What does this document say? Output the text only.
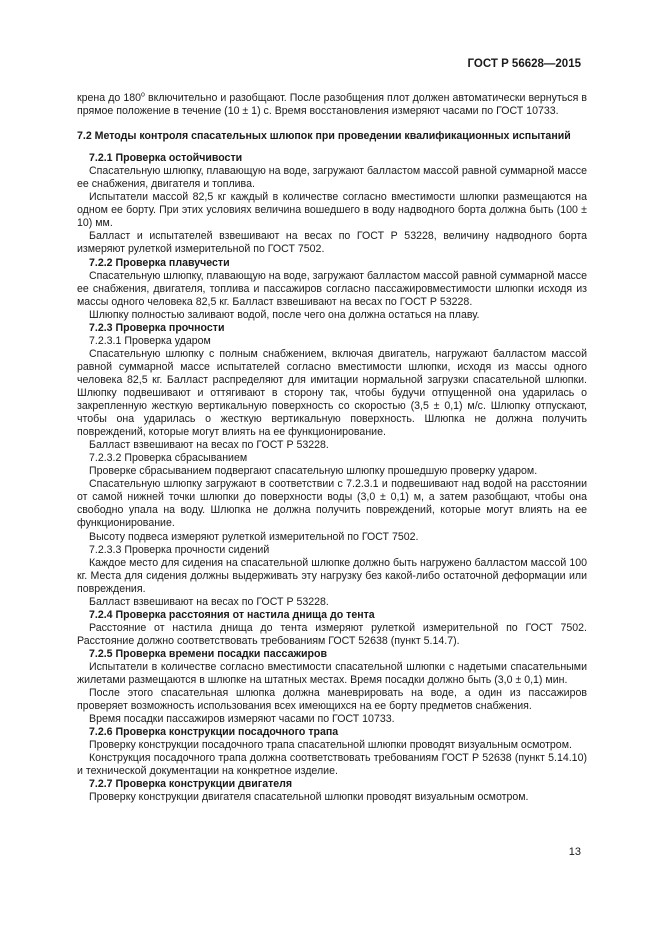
ГОСТ Р 56628—2015

крена до $180^о$ включительно и разобщают. После разобщения плот должен автоматически вернуться в прямое положение в течение (10 ± 1) с. Время восстановления измеряют часами по ГОСТ 10733.

7.2 Методы контроля спасательных шлюпок при проведении квалификационных испытаний

7.2.1 Проверка остойчивости

Спасательную шлюпку, плавающую на воде, загружают балластом массой равной суммарной массе ее снабжения, двигателя и топлива.

Испытатели массой 82,5 кг каждый в количестве согласно вместимости шлюпки размещаются на одном ее борту. При этих условиях величина вошедшего в воду надводного борта должна быть (100 ± 10) мм.

Балласт и испытателей взвешивают на весах по ГОСТ Р 53228, величину надводного борта измеряют рулеткой измерительной по ГОСТ 7502.

7.2.2 Проверка плавучести

Спасательную шлюпку, плавающую на воде, загружают балластом массой равной суммарной массе ее снабжения, двигателя, топлива и пассажиров согласно пассажировместимости шлюпки исходя из массы одного человека 82,5 кг. Балласт взвешивают на весах по ГОСТ Р 53228.

Шлюпку полностью заливают водой, после чего она должна остаться на плаву.

7.2.3 Проверка прочности

7.2.3.1 Проверка ударом

Спасательную шлюпку с полным снабжением, включая двигатель, нагружают балластом массой равной суммарной массе испытателей согласно вместимости шлюпки, исходя из массы одного человека 82,5 кг. Балласт распределяют для имитации нормальной загрузки спасательной шлюпки. Шлюпку подвешивают и оттягивают в сторону так, чтобы будучи отпущенной она ударилась о закрепленную жесткую вертикальную поверхность со скоростью (3,5 ± 0,1) м/с. Шлюпку отпускают, чтобы она ударилась о жесткую вертикальную поверхность. Шлюпка не должна получить повреждений, которые могут влиять на ее функционирование.

Балласт взвешивают на весах по ГОСТ Р 53228.

7.2.3.2 Проверка сбрасыванием

Проверке сбрасыванием подвергают спасательную шлюпку прошедшую проверку ударом.

Спасательную шлюпку загружают в соответствии с 7.2.3.1 и подвешивают над водой на расстоянии от самой нижней точки шлюпки до поверхности воды (3,0 ± 0,1) м, а затем разобщают, чтобы она свободно упала на воду. Шлюпка не должна получить повреждений, которые могут влиять на ее функционирование.

Высоту подвеса измеряют рулеткой измерительной по ГОСТ 7502.

7.2.3.3 Проверка прочности сидений

Каждое место для сидения на спасательной шлюпке должно быть нагружено балластом массой 100 кг. Места для сидения должны выдерживать эту нагрузку без какой-либо остаточной деформации или повреждения.

Балласт взвешивают на весах по ГОСТ Р 53228.

7.2.4 Проверка расстояния от настила днища до тента

Расстояние от настила днища до тента измеряют рулеткой измерительной по ГОСТ 7502. Расстояние должно соответствовать требованиям ГОСТ 52638 (пункт 5.14.7).

7.2.5 Проверка времени посадки пассажиров

Испытатели в количестве согласно вместимости спасательной шлюпки с надетыми спасательными жилетами размещаются в шлюпке на штатных местах. Время посадки должно быть (3,0 ± 0,1) мин.

После этого спасательная шлюпка должна маневрировать на воде, а один из пассажиров проверяет возможность использования всех имеющихся на ее борту предметов снабжения.

Время посадки пассажиров измеряют часами по ГОСТ 10733.

7.2.6 Проверка конструкции посадочного трапа

Проверку конструкции посадочного трапа спасательной шлюпки проводят визуальным осмотром.

Конструкция посадочного трапа должна соответствовать требованиям ГОСТ Р 52638 (пункт 5.14.10) и технической документации на конкретное изделие.

7.2.7 Проверка конструкции двигателя

Проверку конструкции двигателя спасательной шлюпки проводят визуальным осмотром.

13
